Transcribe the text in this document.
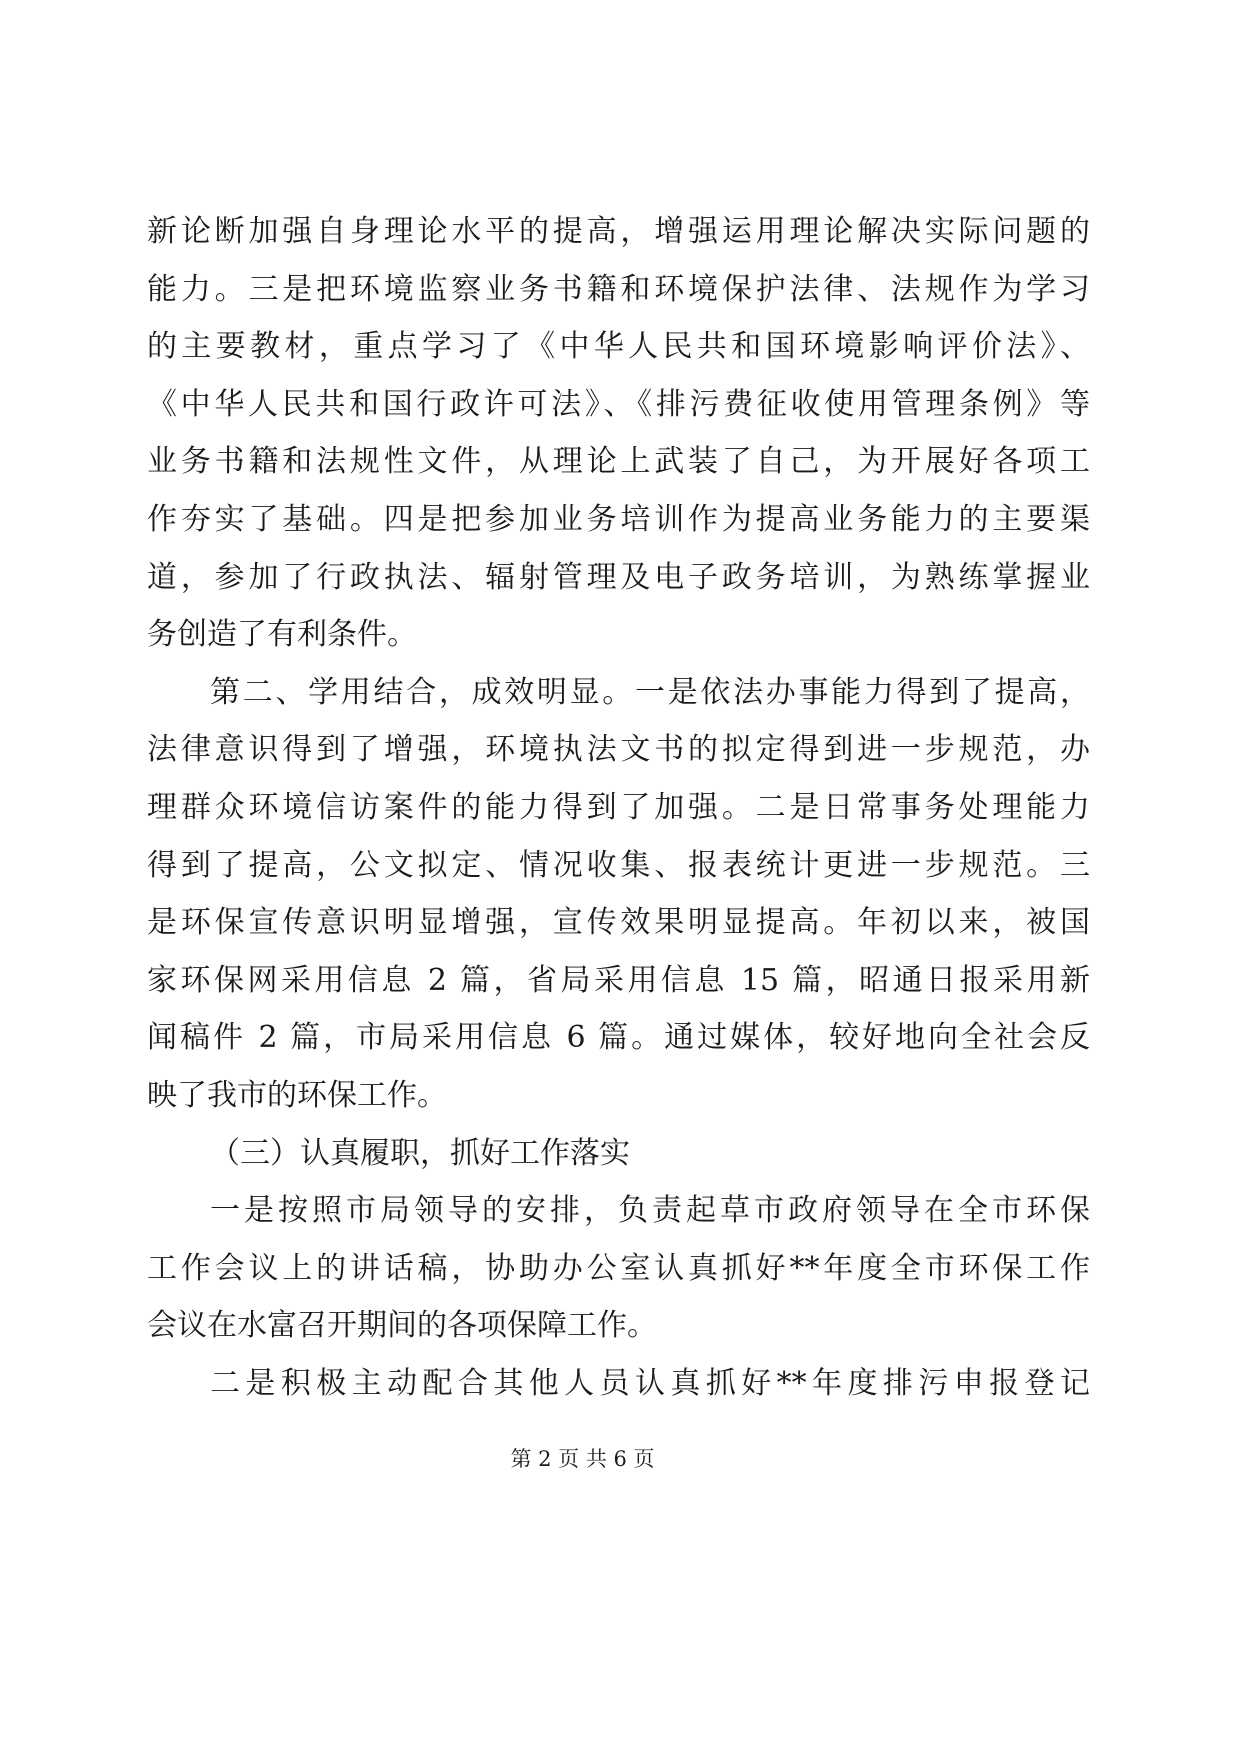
新论断加强自身理论水平的提高，增强运用理论解决实际问题的
能力。三是把环境监察业务书籍和环境保护法律、法规作为学习
的主要教材，重点学习了《中华人民共和国环境影响评价法》、
《中华人民共和国行政许可法》、《排污费征收使用管理条例》等
业务书籍和法规性文件，从理论上武装了自己，为开展好各项工
作夯实了基础。四是把参加业务培训作为提高业务能力的主要渠
道，参加了行政执法、辐射管理及电子政务培训，为熟练掌握业
务创造了有利条件。
第二、学用结合，成效明显。一是依法办事能力得到了提高，
法律意识得到了增强，环境执法文书的拟定得到进一步规范，办
理群众环境信访案件的能力得到了加强。二是日常事务处理能力
得到了提高，公文拟定、情况收集、报表统计更进一步规范。三
是环保宣传意识明显增强，宣传效果明显提高。年初以来，被国
家环保网采用信息 2 篇，省局采用信息 15 篇，昭通日报采用新
闻稿件 2 篇，市局采用信息 6 篇。通过媒体，较好地向全社会反
映了我市的环保工作。
（三）认真履职，抓好工作落实
一是按照市局领导的安排，负责起草市政府领导在全市环保
工作会议上的讲话稿，协助办公室认真抓好**年度全市环保工作
会议在水富召开期间的各项保障工作。
二是积极主动配合其他人员认真抓好**年度排污申报登记
第 2 页 共 6 页
